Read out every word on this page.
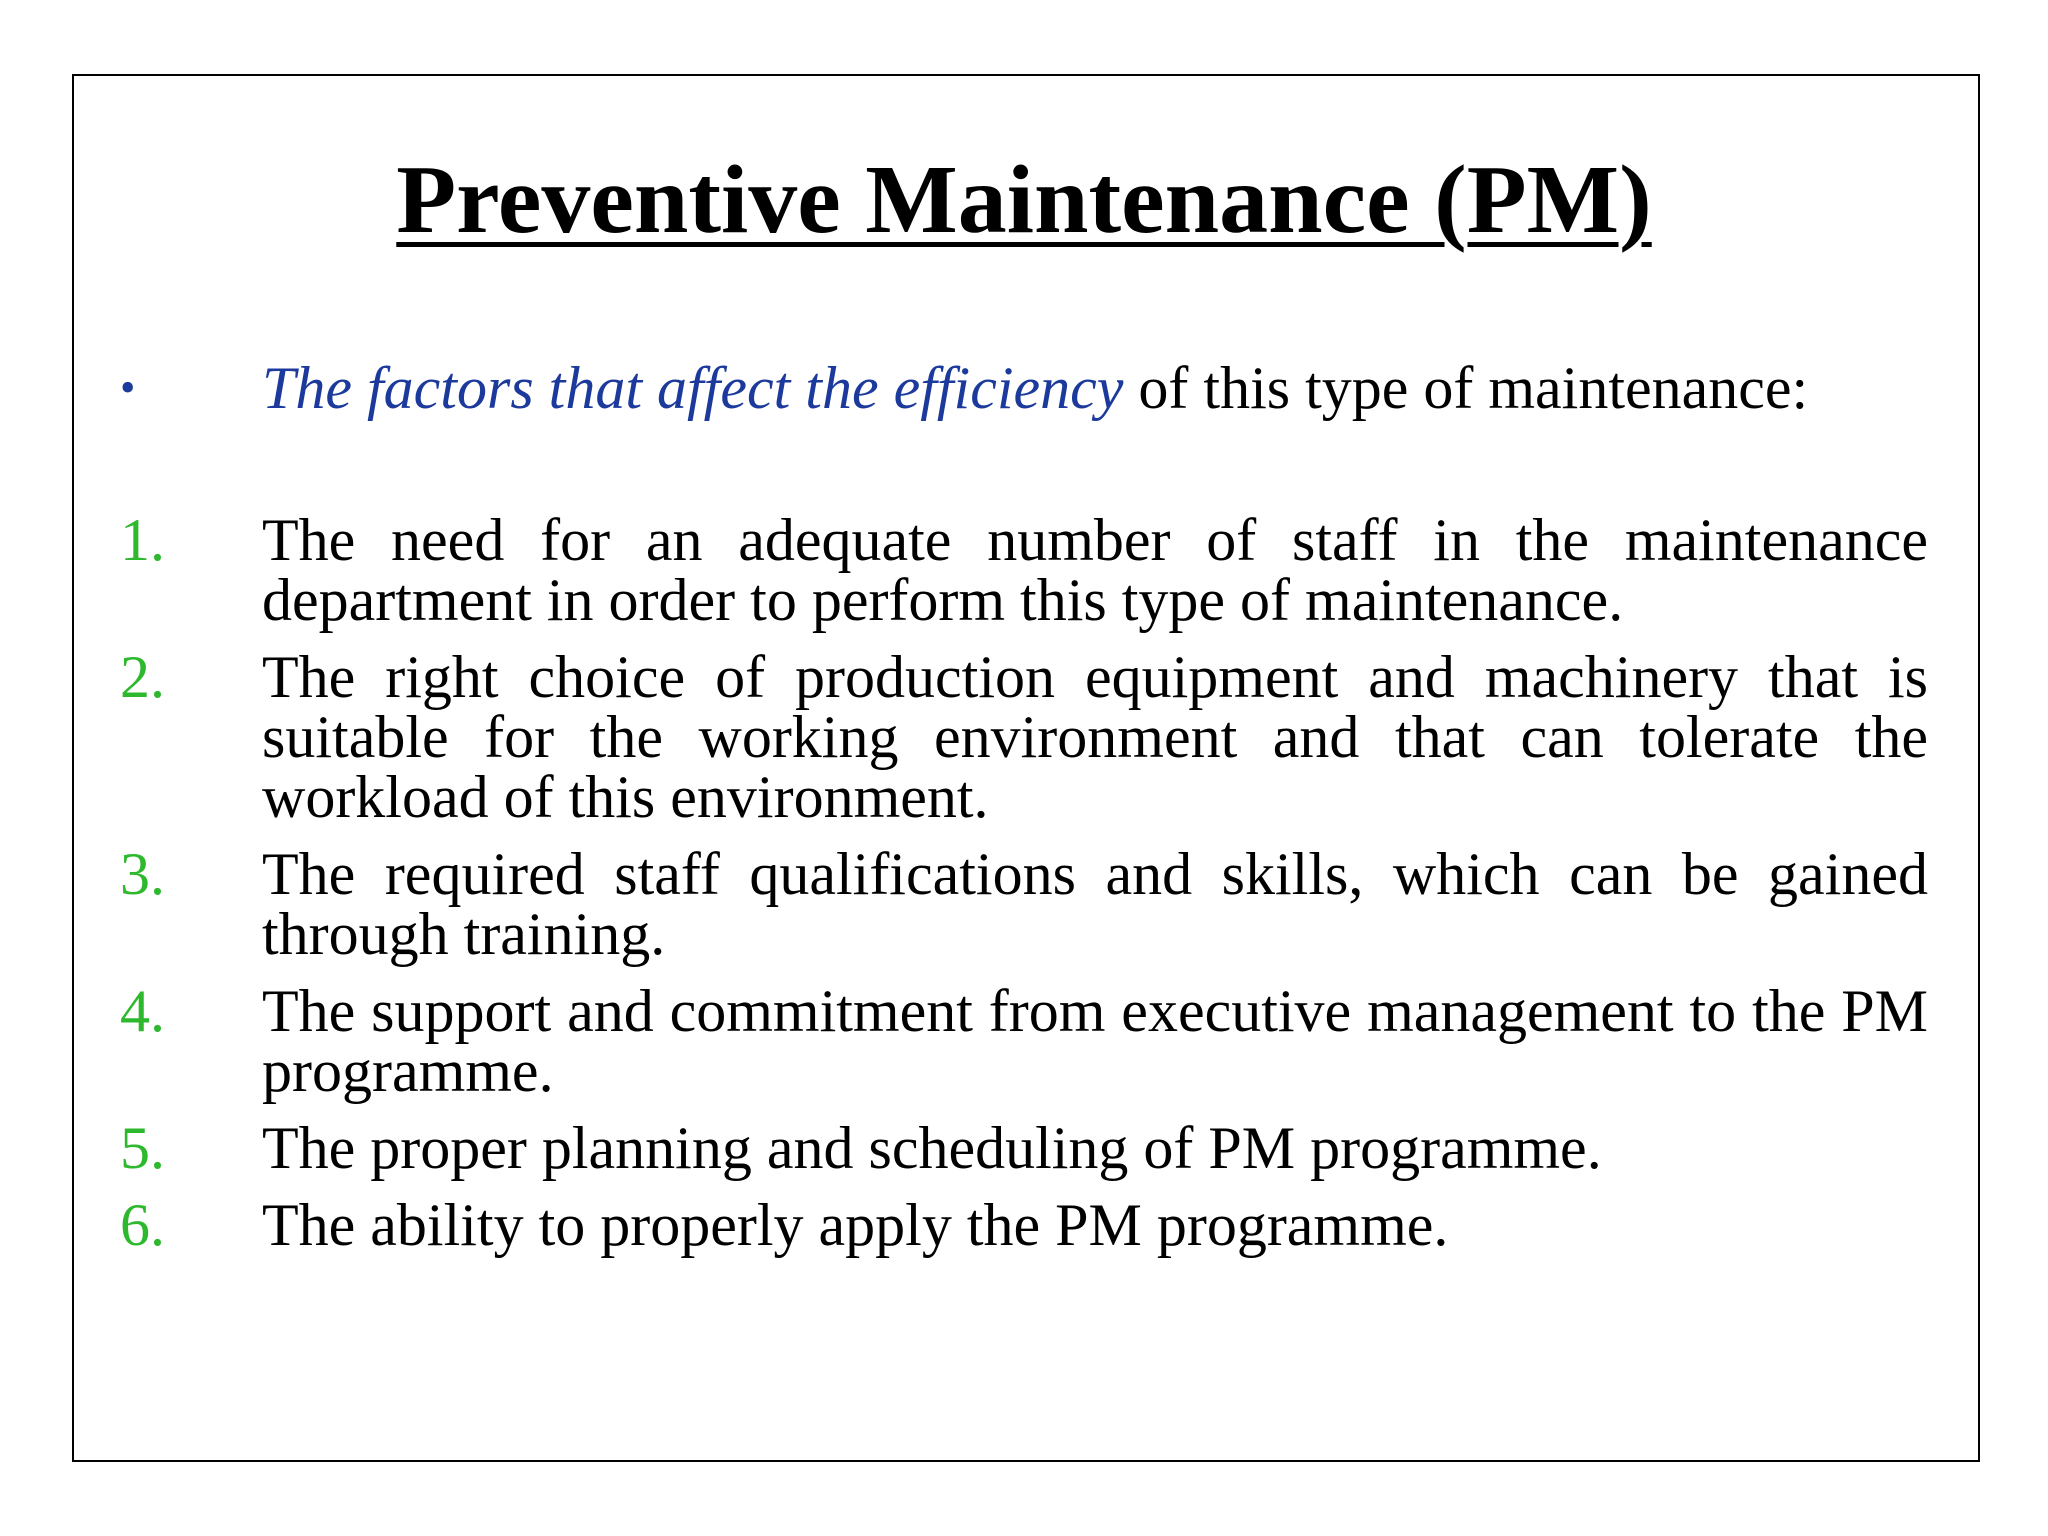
Preventive Maintenance (PM)
• The factors that affect the efficiency of this type of maintenance:
1. The need for an adequate number of staff in the maintenance department in order to perform this type of maintenance.
2. The right choice of production equipment and machinery that is suitable for the working environment and that can tolerate the workload of this environment.
3. The required staff qualifications and skills, which can be gained through training.
4. The support and commitment from executive management to the PM programme.
5. The proper planning and scheduling of PM programme.
6. The ability to properly apply the PM programme.
